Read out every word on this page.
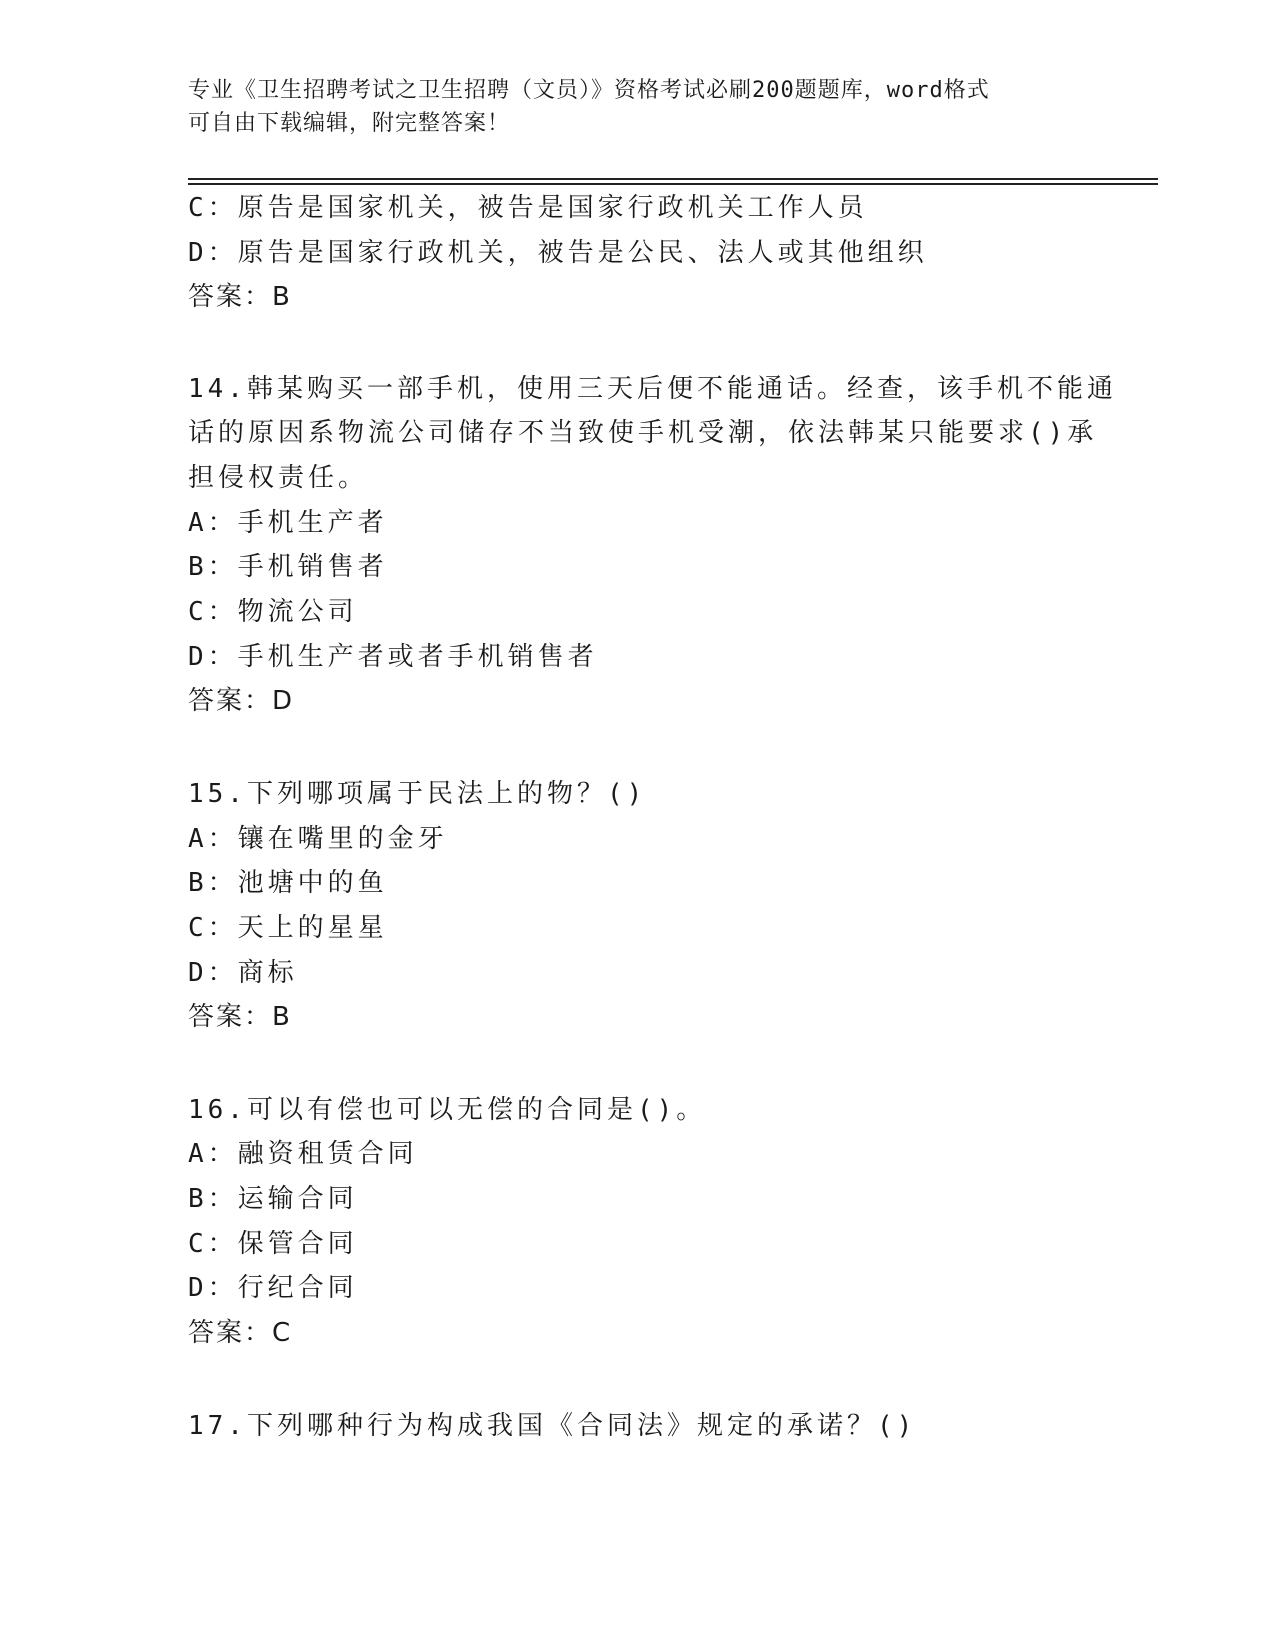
专业《卫生招聘考试之卫生招聘（文员）》资格考试必刷200题题库，word格式
可自由下载编辑，附完整答案！
C：原告是国家机关，被告是国家行政机关工作人员
D：原告是国家行政机关，被告是公民、法人或其他组织
答案：B
14.韩某购买一部手机，使用三天后便不能通话。经查，该手机不能通
话的原因系物流公司储存不当致使手机受潮，依法韩某只能要求()承
担侵权责任。
A：手机生产者
B：手机销售者
C：物流公司
D：手机生产者或者手机销售者
答案：D
15.下列哪项属于民法上的物？()
A：镶在嘴里的金牙
B：池塘中的鱼
C：天上的星星
D：商标
答案：B
16.可以有偿也可以无偿的合同是()。
A：融资租赁合同
B：运输合同
C：保管合同
D：行纪合同
答案：C
17.下列哪种行为构成我国《合同法》规定的承诺？()
